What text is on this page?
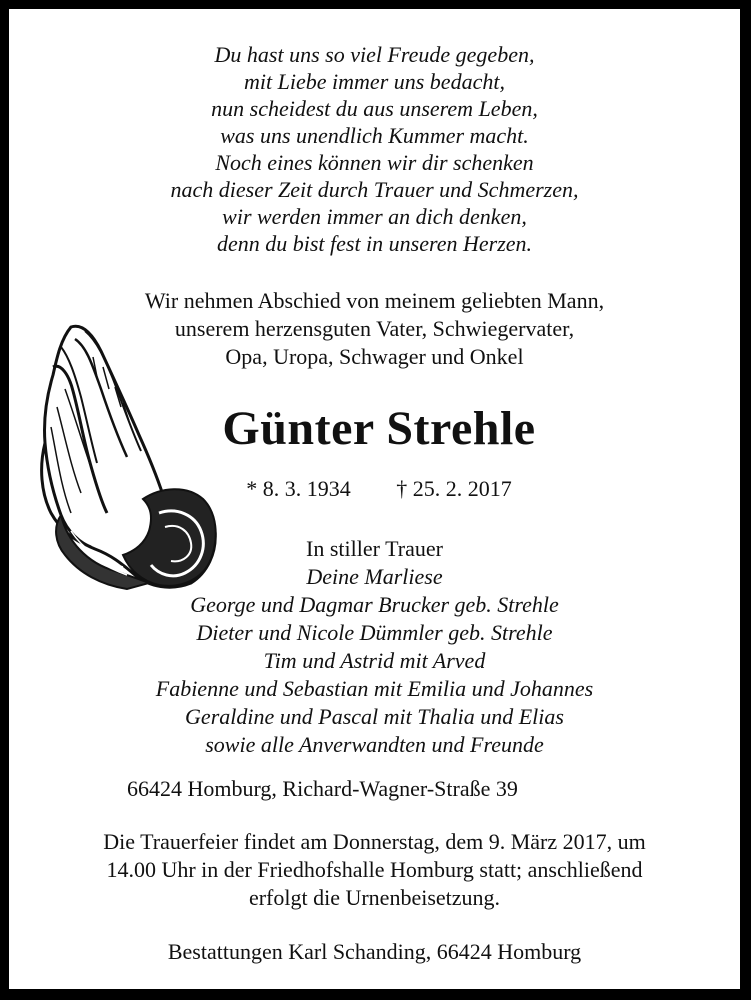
Du hast uns so viel Freude gegeben,
mit Liebe immer uns bedacht,
nun scheidest du aus unserem Leben,
was uns unendlich Kummer macht.
Noch eines können wir dir schenken
nach dieser Zeit durch Trauer und Schmerzen,
wir werden immer an dich denken,
denn du bist fest in unseren Herzen.
Wir nehmen Abschied von meinem geliebten Mann,
unserem herzensguten Vater, Schwiegervater,
Opa, Uropa, Schwager und Onkel
Günter Strehle
* 8. 3. 1934 † 25. 2. 2017
In stiller Trauer
Deine Marliese
George und Dagmar Brucker geb. Strehle
Dieter und Nicole Dümmler geb. Strehle
Tim und Astrid mit Arved
Fabienne und Sebastian mit Emilia und Johannes
Geraldine und Pascal mit Thalia und Elias
sowie alle Anverwandten und Freunde
66424 Homburg, Richard-Wagner-Straße 39
Die Trauerfeier findet am Donnerstag, dem 9. März 2017, um
14.00 Uhr in der Friedhofshalle Homburg statt; anschließend
erfolgt die Urnenbeisetzung.
Bestattungen Karl Schanding, 66424 Homburg
